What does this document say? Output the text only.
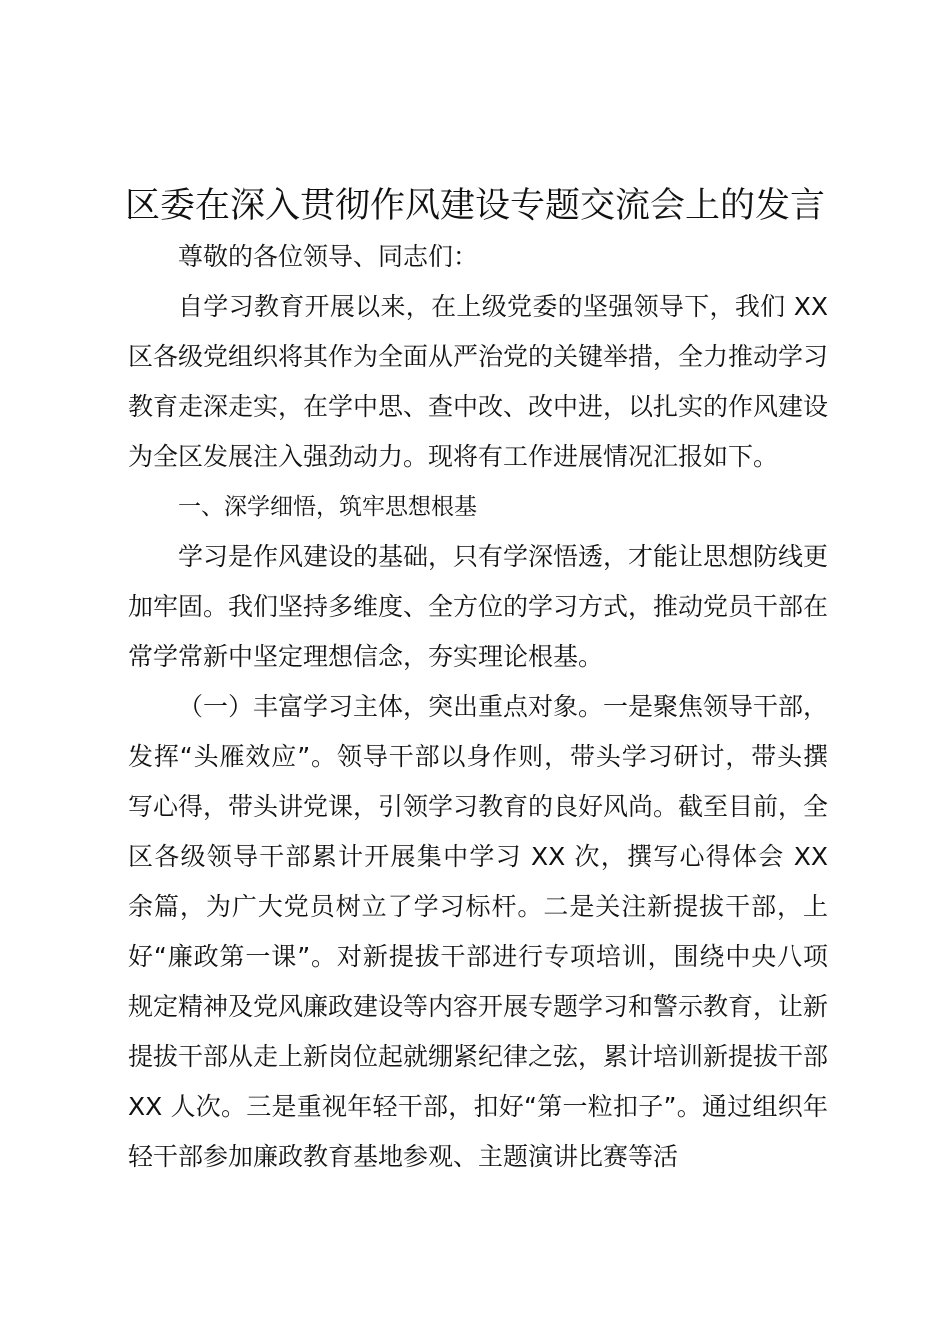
区委在深入贯彻作风建设专题交流会上的发言

尊敬的各位领导、同志们：

自学习教育开展以来，在上级党委的坚强领导下，我们 XX 区各级党组织将其作为全面从严治党的关键举措，全力推动学习教育走深走实，在学中思、查中改、改中进，以扎实的作风建设为全区发展注入强劲动力。现将有工作进展情况汇报如下。

一、深学细悟，筑牢思想根基

学习是作风建设的基础，只有学深悟透，才能让思想防线更加牢固。我们坚持多维度、全方位的学习方式，推动党员干部在常学常新中坚定理想信念，夯实理论根基。

（一）丰富学习主体，突出重点对象。一是聚焦领导干部，发挥“头雁效应”。领导干部以身作则，带头学习研讨，带头撰写心得，带头讲党课，引领学习教育的良好风尚。截至目前，全区各级领导干部累计开展集中学习 XX 次，撰写心得体会 XX 余篇，为广大党员树立了学习标杆。二是关注新提拔干部，上好“廉政第一课”。对新提拔干部进行专项培训，围绕中央八项规定精神及党风廉政建设等内容开展专题学习和警示教育，让新提拔干部从走上新岗位起就绷紧纪律之弦，累计培训新提拔干部 XX 人次。三是重视年轻干部，扣好“第一粒扣子”。通过组织年轻干部参加廉政教育基地参观、主题演讲比赛等活
